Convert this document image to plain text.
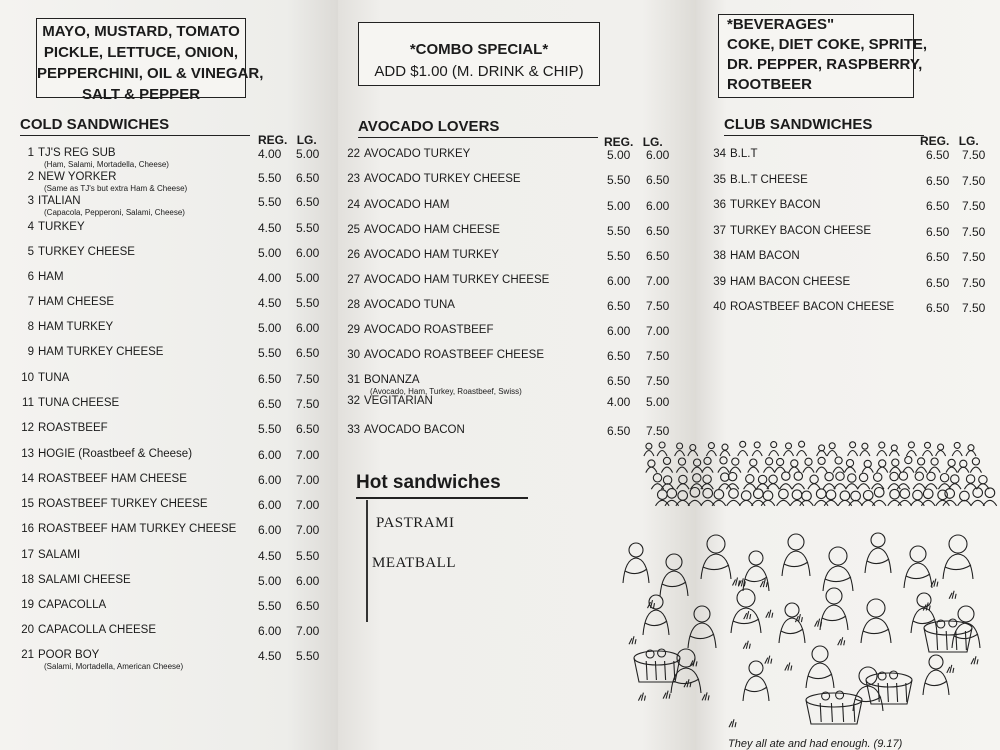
MAYO, MUSTARD, TOMATO
PICKLE, LETTUCE, ONION,
PEPPERCHINI, OIL & VINEGAR,
SALT & PEPPER
*COMBO SPECIAL*
ADD $1.00 (M. DRINK & CHIP)
*BEVERAGES"
COKE, DIET COKE, SPRITE,
DR. PEPPER, RASPBERRY,
ROOTBEER
COLD SANDWICHES	AVOCADO LOVERS	CLUB SANDWICHES
REG. LG.	REG. LG.	REG. LG.
1 TJ'S REG SUB
(Ham, Salami, Mortadella, Cheese)
4.00 5.00
2 NEW YORKER
(Same as TJ's but extra Ham & Cheese)
5.50 6.50
3 ITALIAN
(Capacola, Pepperoni, Salami, Cheese)
5.50 6.50
4 TURKEY	4.50 5.50
5 TURKEY CHEESE	5.00 6.00
6 HAM	4.00 5.00
7 HAM CHEESE	4.50 5.50
8 HAM TURKEY	5.00 6.00
9 HAM TURKEY CHEESE	5.50 6.50
10 TUNA	6.50 7.50
11 TUNA CHEESE	6.50 7.50
12 ROASTBEEF	5.50 6.50
13 HOGIE (Roastbeef & Cheese)	6.00 7.00
14 ROASTBEEF HAM CHEESE	6.00 7.00
15 ROASTBEEF TURKEY CHEESE	6.00 7.00
16 ROASTBEEF HAM TURKEY CHEESE 6.00 7.00
17 SALAMI	4.50 5.50
18 SALAMI CHEESE	5.00 6.00
19 CAPACOLLA	5.50 6.50
20 CAPACOLLA CHEESE	6.00 7.00
21 POOR BOY
(Salami, Mortadella, American Cheese)
4.50 5.50
22 AVOCADO TURKEY	5.00 6.00
23 AVOCADO TURKEY CHEESE	5.50 6.50
24 AVOCADO HAM	5.00 6.00
25 AVOCADO HAM CHEESE	5.50 6.50
26 AVOCADO HAM TURKEY	5.50 6.50
27 AVOCADO HAM TURKEY CHEESE	6.00 7.00
28 AVOCADO TUNA	6.50 7.50
29 AVOCADO ROASTBEEF	6.00 7.00
30 AVOCADO ROASTBEEF CHEESE	6.50 7.50
31 BONANZA
(Avocado, Ham, Turkey, Roastbeef, Swiss)
6.50 7.50
32 VEGITARIAN	4.00 5.00
33 AVOCADO BACON	6.50 7.50
34 B.L.T	6.50 7.50
35 B.L.T CHEESE	6.50 7.50
36 TURKEY BACON	6.50 7.50
37 TURKEY BACON CHEESE	6.50 7.50
38 HAM BACON	6.50 7.50
39 HAM BACON CHEESE	6.50 7.50
40 ROASTBEEF BACON CHEESE	6.50 7.50
Hot sandwiches
PASTRAMI
MEATBALL
They all ate and had enough. (9.17)
